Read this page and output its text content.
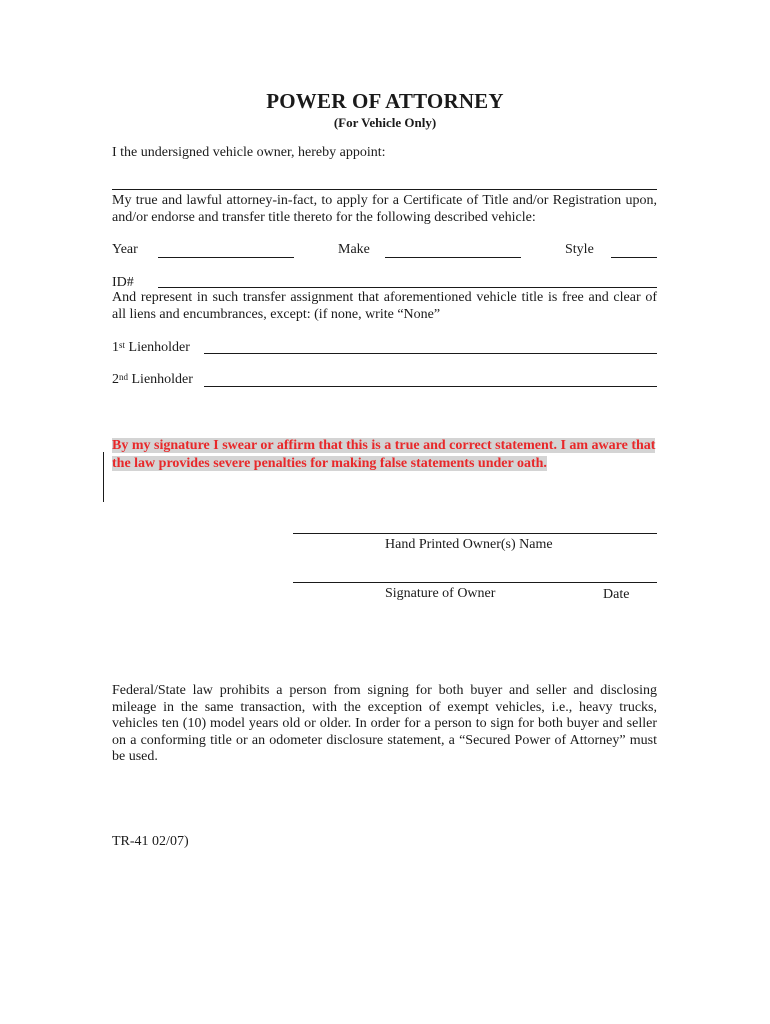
POWER OF ATTORNEY
(For Vehicle Only)
I the undersigned vehicle owner, hereby appoint:
My true and lawful attorney-in-fact, to apply for a Certificate of Title and/or Registration upon, and/or endorse and transfer title thereto for the following described vehicle:
Year	Make	Style
ID#
And represent in such transfer assignment that aforementioned vehicle title is free and clear of all liens and encumbrances, except: (if none, write “None”
1st Lienholder
2nd Lienholder
By my signature I swear or affirm that this is a true and correct statement. I am aware that
the law provides severe penalties for making false statements under oath.
Hand Printed Owner(s) Name
Signature of Owner	Date
Federal/State law prohibits a person from signing for both buyer and seller and disclosing mileage in the same transaction, with the exception of exempt vehicles, i.e., heavy trucks, vehicles ten (10) model years old or older. In order for a person to sign for both buyer and seller on a conforming title or an odometer disclosure statement, a “Secured Power of Attorney” must be used.
TR-41 02/07)
